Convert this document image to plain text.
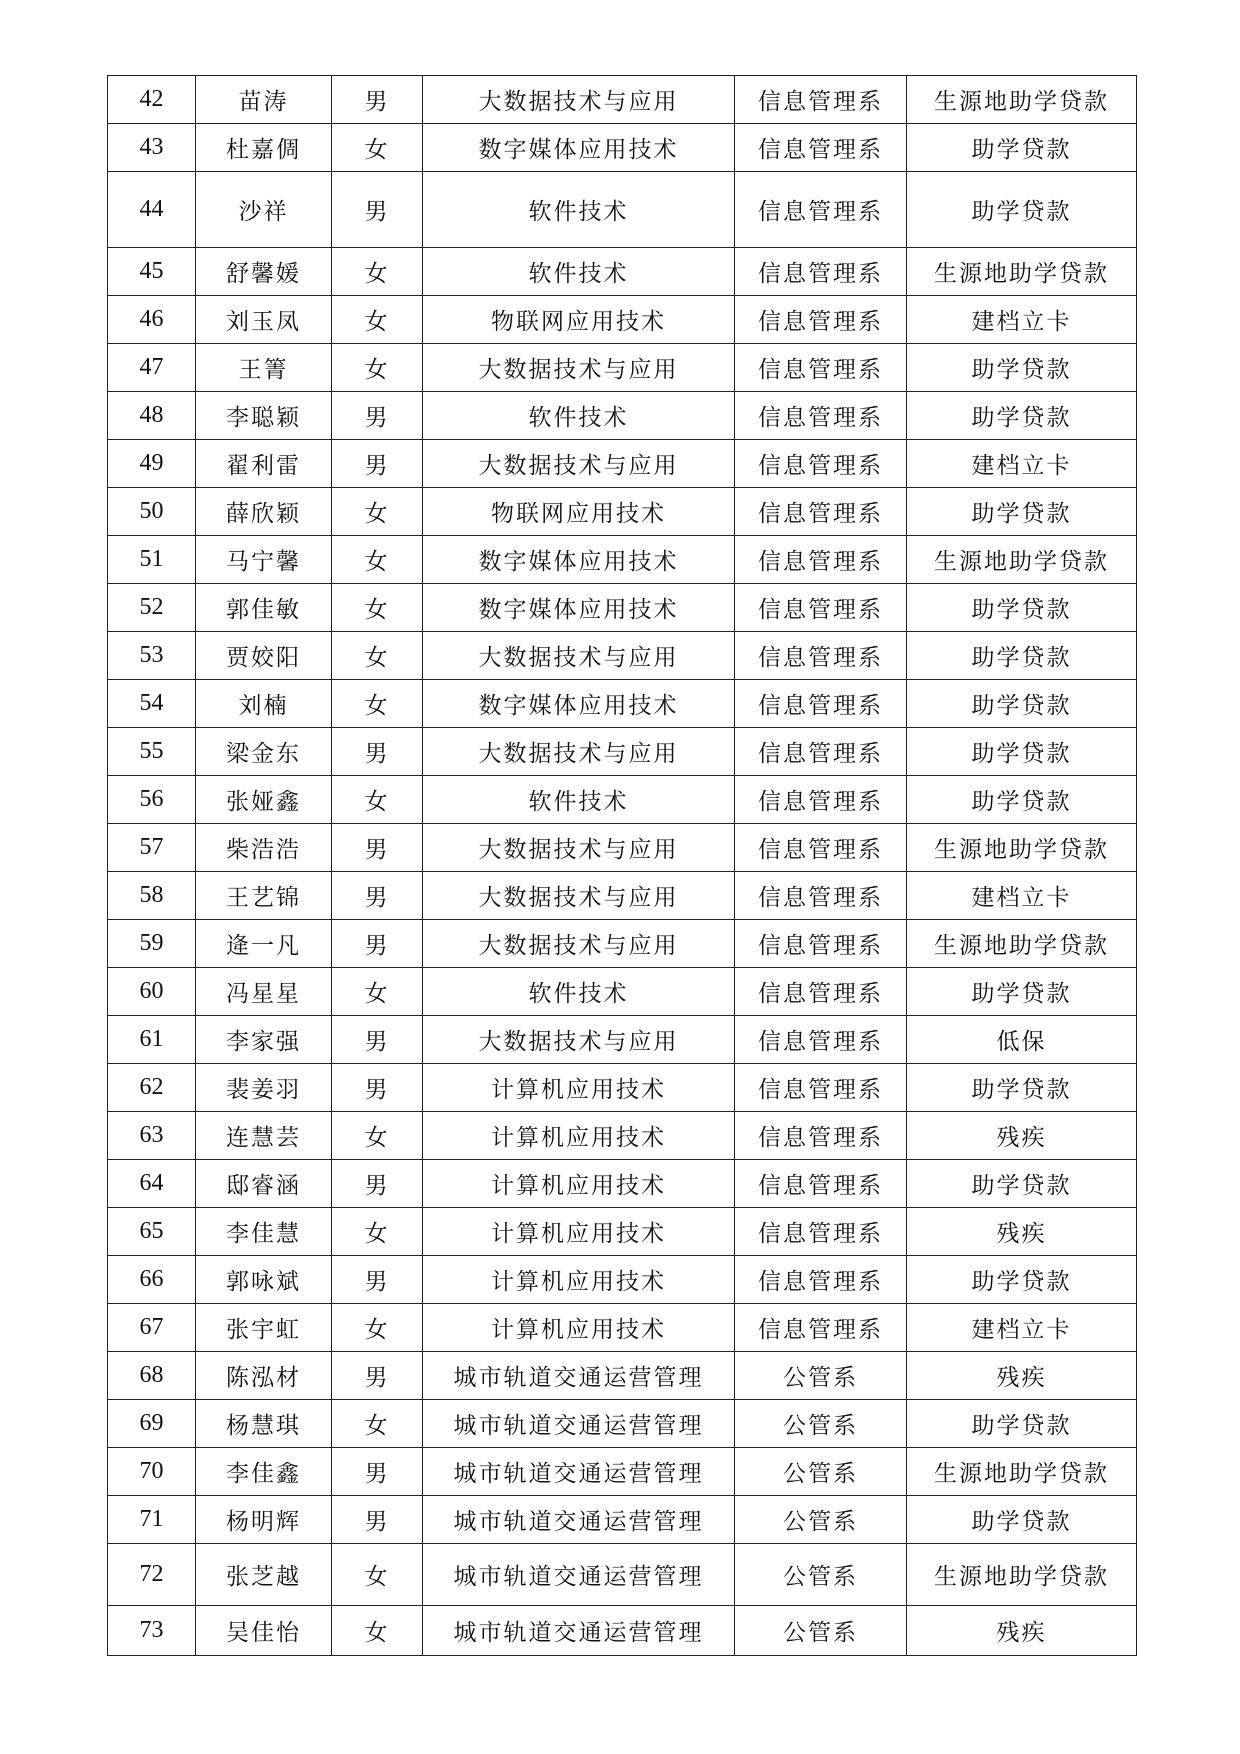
42	苗涛	男	大数据技术与应用	信息管理系	生源地助学贷款
43	杜嘉倜	女	数字媒体应用技术	信息管理系	助学贷款
44	沙祥	男	软件技术	信息管理系	助学贷款
45	舒馨媛	女	软件技术	信息管理系	生源地助学贷款
46	刘玉凤	女	物联网应用技术	信息管理系	建档立卡
47	王箐	女	大数据技术与应用	信息管理系	助学贷款
48	李聪颖	男	软件技术	信息管理系	助学贷款
49	翟利雷	男	大数据技术与应用	信息管理系	建档立卡
50	薛欣颖	女	物联网应用技术	信息管理系	助学贷款
51	马宁馨	女	数字媒体应用技术	信息管理系	生源地助学贷款
52	郭佳敏	女	数字媒体应用技术	信息管理系	助学贷款
53	贾姣阳	女	大数据技术与应用	信息管理系	助学贷款
54	刘楠	女	数字媒体应用技术	信息管理系	助学贷款
55	梁金东	男	大数据技术与应用	信息管理系	助学贷款
56	张娅鑫	女	软件技术	信息管理系	助学贷款
57	柴浩浩	男	大数据技术与应用	信息管理系	生源地助学贷款
58	王艺锦	男	大数据技术与应用	信息管理系	建档立卡
59	逄一凡	男	大数据技术与应用	信息管理系	生源地助学贷款
60	冯星星	女	软件技术	信息管理系	助学贷款
61	李家强	男	大数据技术与应用	信息管理系	低保
62	裴姜羽	男	计算机应用技术	信息管理系	助学贷款
63	连慧芸	女	计算机应用技术	信息管理系	残疾
64	邸睿涵	男	计算机应用技术	信息管理系	助学贷款
65	李佳慧	女	计算机应用技术	信息管理系	残疾
66	郭咏斌	男	计算机应用技术	信息管理系	助学贷款
67	张宇虹	女	计算机应用技术	信息管理系	建档立卡
68	陈泓材	男	城市轨道交通运营管理	公管系	残疾
69	杨慧琪	女	城市轨道交通运营管理	公管系	助学贷款
70	李佳鑫	男	城市轨道交通运营管理	公管系	生源地助学贷款
71	杨明辉	男	城市轨道交通运营管理	公管系	助学贷款
72	张芝越	女	城市轨道交通运营管理	公管系	生源地助学贷款
73	吴佳怡	女	城市轨道交通运营管理	公管系	残疾
